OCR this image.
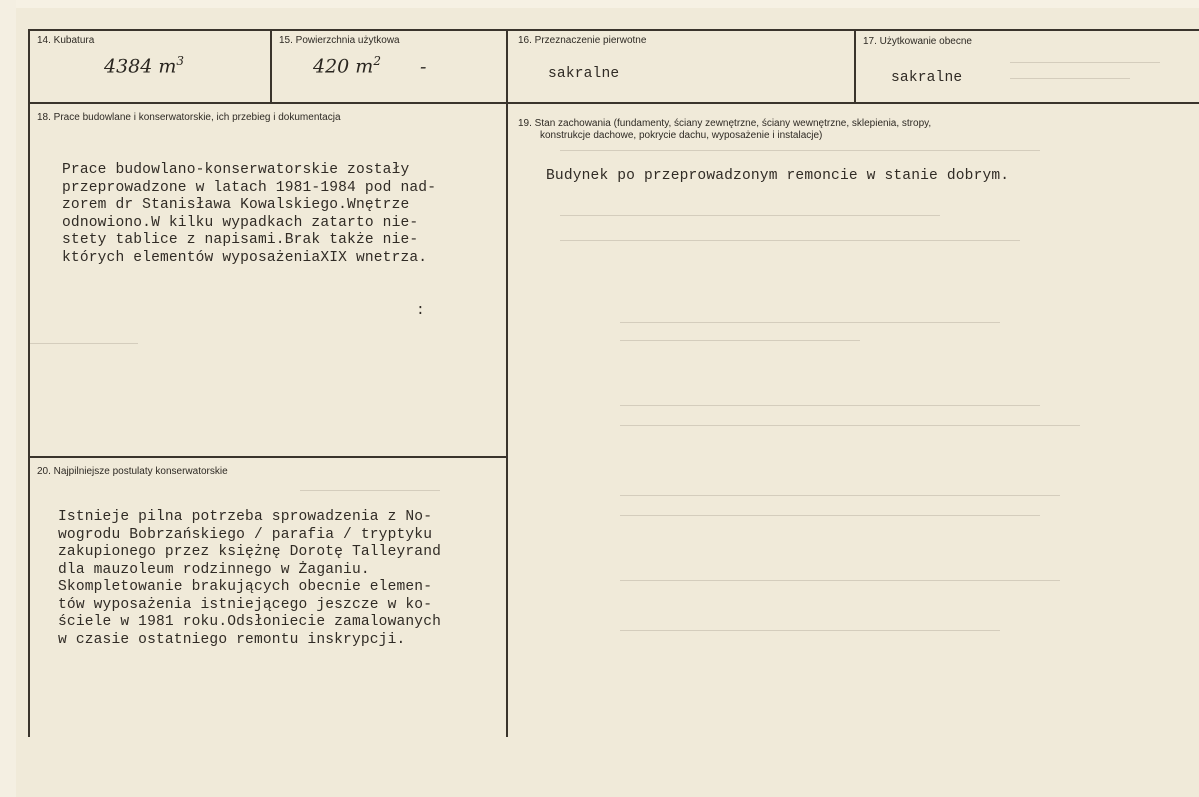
14. Kubatura
4384 $m^3$
15. Powierzchnia użytkowa
420 $m^2$ -
16. Przeznaczenie pierwotne
sakralne
17. Użytkowanie obecne
sakralne
18. Prace budowlane i konserwatorskie, ich przebieg i dokumentacja
Prace budowlano-konserwatorskie zostały
przeprowadzone w latach 1981-1984 pod nad-
zorem dr Stanisława Kowalskiego.Wnętrze
odnowiono.W kilku wypadkach zatarto nie-
stety tablice z napisami.Brak także nie-
których elementów wyposażeniaXIX wnetrza.
:
19. Stan zachowania (fundamenty, ściany zewnętrzne, ściany wewnętrzne, sklepienia, stropy,
konstrukcje dachowe, pokrycie dachu, wyposażenie i instalacje)
Budynek po przeprowadzonym remoncie w stanie dobrym.
20. Najpilniejsze postulaty konserwatorskie
Istnieje pilna potrzeba sprowadzenia z No-
wogrodu Bobrzańskiego / parafia / tryptyku
zakupionego przez księżnę Dorotę Talleyrand
dla mauzoleum rodzinnego w Żaganiu.
Skompletowanie brakujących obecnie elemen-
tów wyposażenia istniejącego jeszcze w ko-
ściele w 1981 roku.Odsłoniecie zamalowanych
w czasie ostatniego remontu inskrypcji.
